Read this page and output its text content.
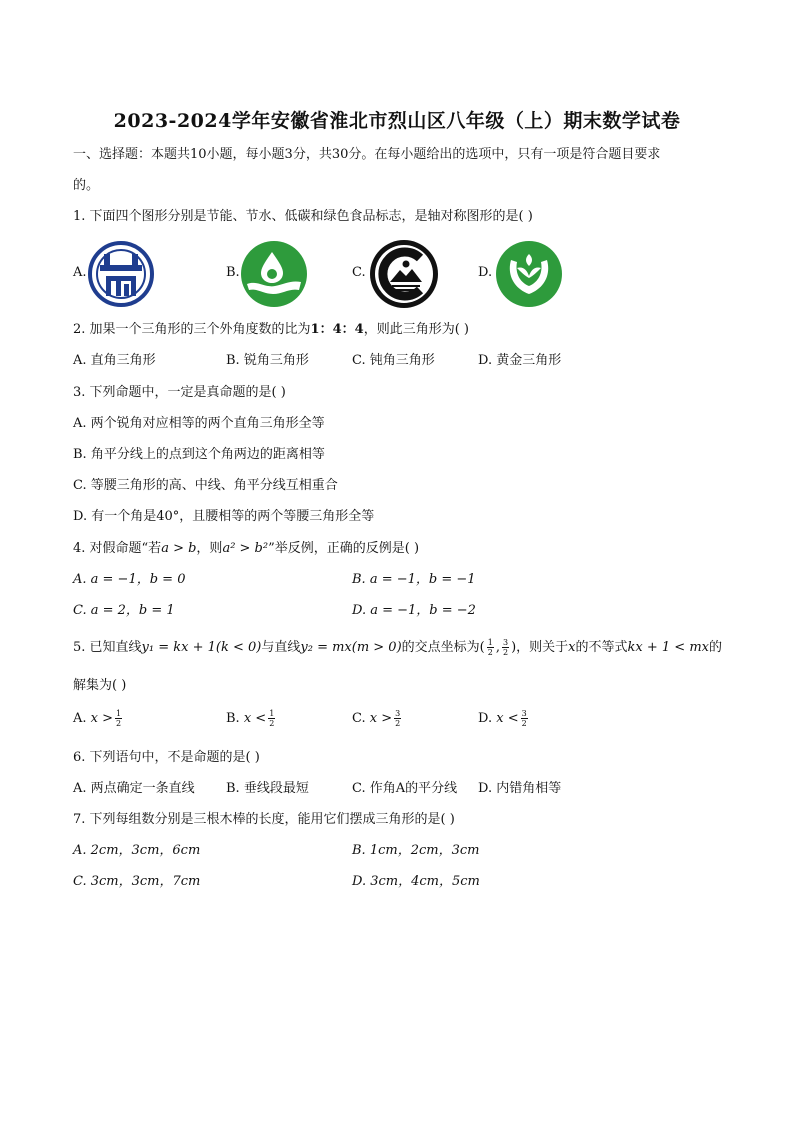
2023-2024学年安徽省淮北市烈山区八年级（上）期末数学试卷
一、选择题：本题共10小题，每小题3分，共30分。在每小题给出的选项中，只有一项是符合题目要求
的。
1. 下面四个图形分别是节能、节水、低碳和绿色食品标志，是轴对称图形的是( )
A.	B.	C.	D.
2. 加果一个三角形的三个外角度数的比为1：4：4，则此三角形为( )
A. 直角三角形	B. 锐角三角形	C. 钝角三角形	D. 黄金三角形
3. 下列命题中，一定是真命题的是( )
A. 两个锐角对应相等的两个直角三角形全等
B. 角平分线上的点到这个角两边的距离相等
C. 等腰三角形的高、中线、角平分线互相重合
D. 有一个角是40°，且腰相等的两个等腰三角形全等
4. 对假命题“若a > b，则a² > b²”举反例，正确的反例是( )
A. a = −1，b = 0	B. a = −1，b = −1
C. a = 2，b = 1	D. a = −1，b = −2
5. 已知直线y₁ = kx + 1(k < 0)与直线y₂ = mx(m > 0)的交点坐标为( $\frac{1}{2}$ , $\frac{3}{2}$ )，则关于x的不等式kx + 1 < mx的
解集为( )
A. $x > \frac{1}{2}$	B. $x < \frac{1}{2}$	C. $x > \frac{3}{2}$	D. $x < \frac{3}{2}$
6. 下列语句中，不是命题的是( )
A. 两点确定一条直线 B. 垂线段最短	C. 作角A的平分线 D. 内错角相等
7. 下列每组数分别是三根木棒的长度，能用它们摆成三角形的是( )
A. 2cm，3cm，6cm	B. 1cm，2cm，3cm
C. 3cm，3cm，7cm	D. 3cm，4cm，5cm
